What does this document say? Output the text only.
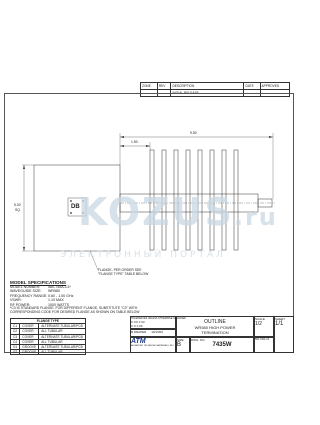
ZONE	REV	DESCRIPTION	DATE	APPROVED
		INITIAL RELEASE		
9.50
1.50
5.00
SQ.	DB
FLANGE- PER ORDER SEE
"FLANGE TYPE" TABLE BELOW
KOZUS.ru
ЭЛЕКТРОННЫЙ ПОРТАЛ
MODEL SPECIFICATIONS
MODEL NUMBER:	580-745A-C3*
WAVEGUIDE SIZE:	WR580
FREQUENCY RANGE: 0.60 - 1.00 GHz
VSWR:	1.10 MAX
RF POWER:	1000 WATTS
*C3 IS STANDARD FLANGE. FOR DIFFERENT FLANGE, SUBSTITUTE "C3" WITH CORRESPONDING CODE FOR DESIRED FLANGE AS SHOWN ON TABLE BELOW
FLANGE TYPE		
C1	COVER	ALTERNATE TUBULAR/PCB
C2	COVER	ALL TUBULAR
C3	COVER	ALTERNATE TUBULAR/PCB
C4	COVER	ALL TUBULAR
G1	GROOVE	ALTERNATE TUBULAR/PCB
G2	GROOVE	ALL TUBULAR
TOLERANCES UNLESS OTHERWISE SPECIFIED
X.XX ±.03
X.X ±.06
B.DRAPER 10/13/06
ATM
ADVANCED TECHNICAL MATERIALS, INC.
OUTLINE
WR580 HIGH POWER
TERMINATION
SIZE
B
DWG. NO.
7435W
SCALE
1/2
SHEET
1/1
580-745A-C3
